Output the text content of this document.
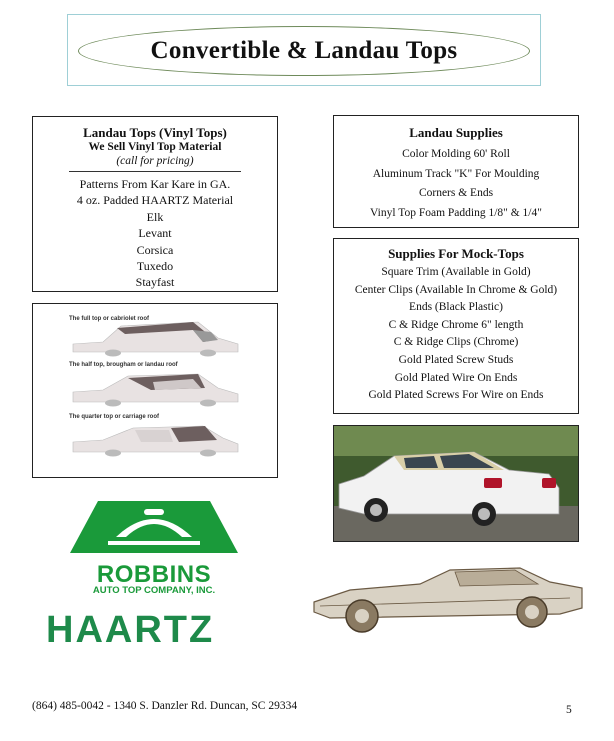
Convertible & Landau Tops
Landau Tops (Vinyl Tops)
We Sell Vinyl Top Material
(call for pricing)
Patterns From Kar Kare in GA.
4 oz. Padded HAARTZ Material
Elk
Levant
Corsica
Tuxedo
Stayfast
Landau Supplies
Color Molding 60' Roll
Aluminum Track "K" For Moulding
Corners & Ends
Vinyl Top Foam Padding 1/8" & 1/4"
Supplies For Mock-Tops
Square Trim (Available in Gold)
Center Clips (Available In Chrome & Gold)
Ends (Black Plastic)
C & Ridge Chrome 6" length
C & Ridge Clips (Chrome)
Gold Plated Screw Studs
Gold Plated Wire On Ends
Gold Plated Screws For Wire on Ends
The full top or cabriolet roof
The half top, brougham or landau roof
The quarter top or carriage roof
ROBBINS
AUTO TOP COMPANY, INC.
HAARTZ
(864) 485-0042 - 1340 S. Danzler Rd. Duncan, SC 29334	5
